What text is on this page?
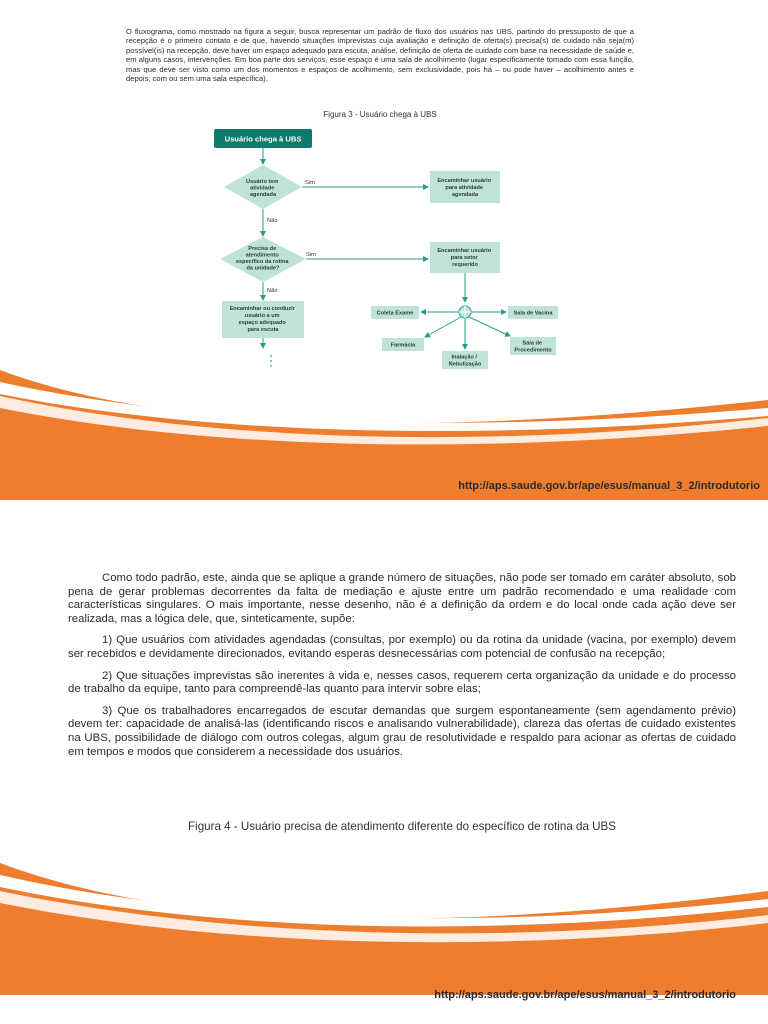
O fluxograma, como mostrado na figura a seguir, busca representar um padrão de fluxo dos usuários nas UBS, partindo do pressuposto de que a recepção é o primeiro contato e de que, havendo situações imprevistas cuja avaliação e definição de oferta(s) precisa(s) de cuidado não seja(m) possível(is) na recepção, deve haver um espaço adequado para escuta, análise, definição de oferta de cuidado com base na necessidade de saúde e, em alguns casos, intervenções. Em boa parte dos serviços, esse espaço é uma sala de acolhimento (lugar especificamente tomado com essa função, mas que deve ser visto como um dos momentos e espaços de acolhimento, sem exclusividade, pois há – ou pode haver – acolhimento antes e depois, com ou sem uma sala específica).
Figura 3 - Usuário chega à UBS
Usuário chega à UBS
Usuário tem atividade agendada
Sim
Não
Encaminhar usuário para atividade agendada
Precisa de atendimento específico da rotina da unidade?
Sim
Não
Encaminhar usuário para setor requerido
Coleta Exame	Sala de Vacina
Farmácia
Inalação / Nebulização
Sala de Procedimento
Encaminhar ou conduzir usuário a um espaço adequado para escuta
http://aps.saude.gov.br/ape/esus/manual_3_2/introdutorio

Como todo padrão, este, ainda que se aplique a grande número de situações, não pode ser tomado em caráter absoluto, sob pena de gerar problemas decorrentes da falta de mediação e ajuste entre um padrão recomendado e uma realidade com características singulares. O mais importante, nesse desenho, não é a definição da ordem e do local onde cada ação deve ser realizada, mas a lógica dele, que, sinteticamente, supõe:

1) Que usuários com atividades agendadas (consultas, por exemplo) ou da rotina da unidade (vacina, por exemplo) devem ser recebidos e devidamente direcionados, evitando esperas desnecessárias com potencial de confusão na recepção;

2) Que situações imprevistas são inerentes à vida e, nesses casos, requerem certa organização da unidade e do processo de trabalho da equipe, tanto para compreendê-las quanto para intervir sobre elas;

3) Que os trabalhadores encarregados de escutar demandas que surgem espontaneamente (sem agendamento prévio) devem ter: capacidade de analisá-las (identificando riscos e analisando vulnerabilidade), clareza das ofertas de cuidado existentes na UBS, possibilidade de diálogo com outros colegas, algum grau de resolutividade e respaldo para acionar as ofertas de cuidado em tempos e modos que considerem a necessidade dos usuários.

Figura 4 - Usuário precisa de atendimento diferente do específico de rotina da UBS
http://aps.saude.gov.br/ape/esus/manual_3_2/introdutorio
